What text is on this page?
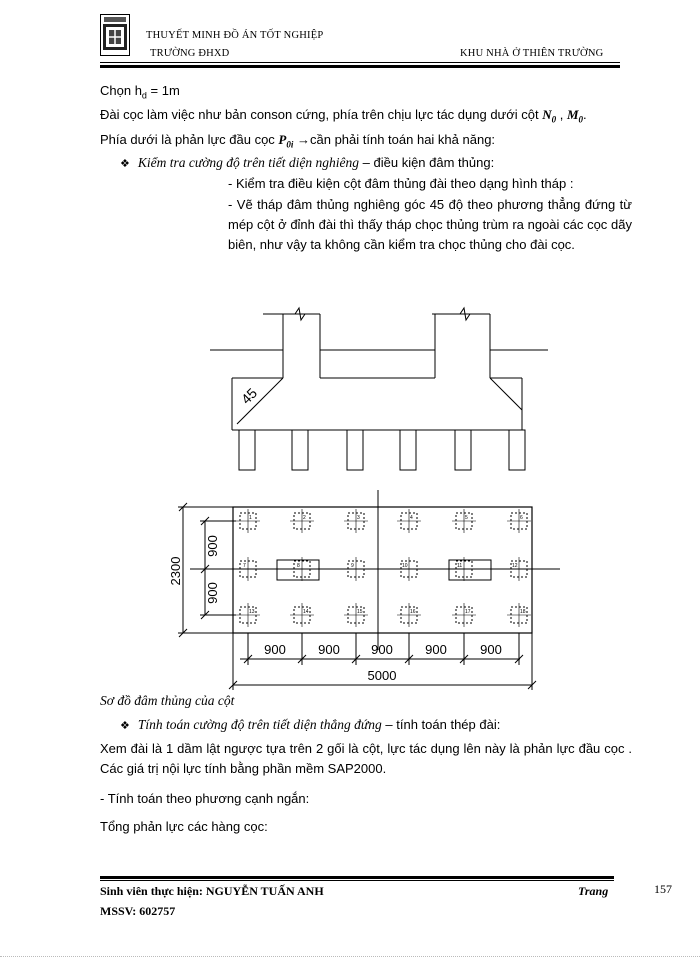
THUYẾT MINH ĐỒ ÁN TỐT NGHIỆP
TRƯỜNG ĐHXD	KHU NHÀ Ở THIÊN TRƯỜNG
Chọn $h_d = 1m$
Đài cọc làm việc như bản conson cứng, phía trên chịu lực tác dụng dưới cột $N_0$ , $M_0$.
Phía dưới là phản lực đầu cọc $P_{0i}$ →cần phải tính toán hai khả năng:
❖ Kiểm tra cường độ trên tiết diện nghiêng – điều kiện đâm thủng:
- Kiểm tra điều kiện cột đâm thủng đài theo dạng hình tháp :
- Vẽ tháp đâm thủng nghiêng góc 45 độ theo phương thẳng đứng từ mép cột ở đỉnh đài thì thấy tháp chọc thủng trùm ra ngoài các cọc dãy biên, như vậy ta không cần kiểm tra chọc thủng cho đài cọc.
45
900
900
2300
900 900 900 900	900
5000
1	2	3	4	5	6
7	8	9	10	11	12
13	14	15	16	17	18
Sơ đồ đâm thủng của cột
❖ Tính toán cường độ trên tiết diện thẳng đứng – tính toán thép đài:
Xem đài là 1 dầm lật ngược tựa trên 2 gối là cột, lực tác dụng lên này là phản lực đầu cọc . Các giá trị nội lực tính bằng phần mềm SAP2000.
- Tính toán theo phương cạnh ngắn:
Tổng phản lực các hàng cọc:
Sinh viên thực hiện: NGUYỄN TUẤN ANH
MSSV: 602757
Trang	157
